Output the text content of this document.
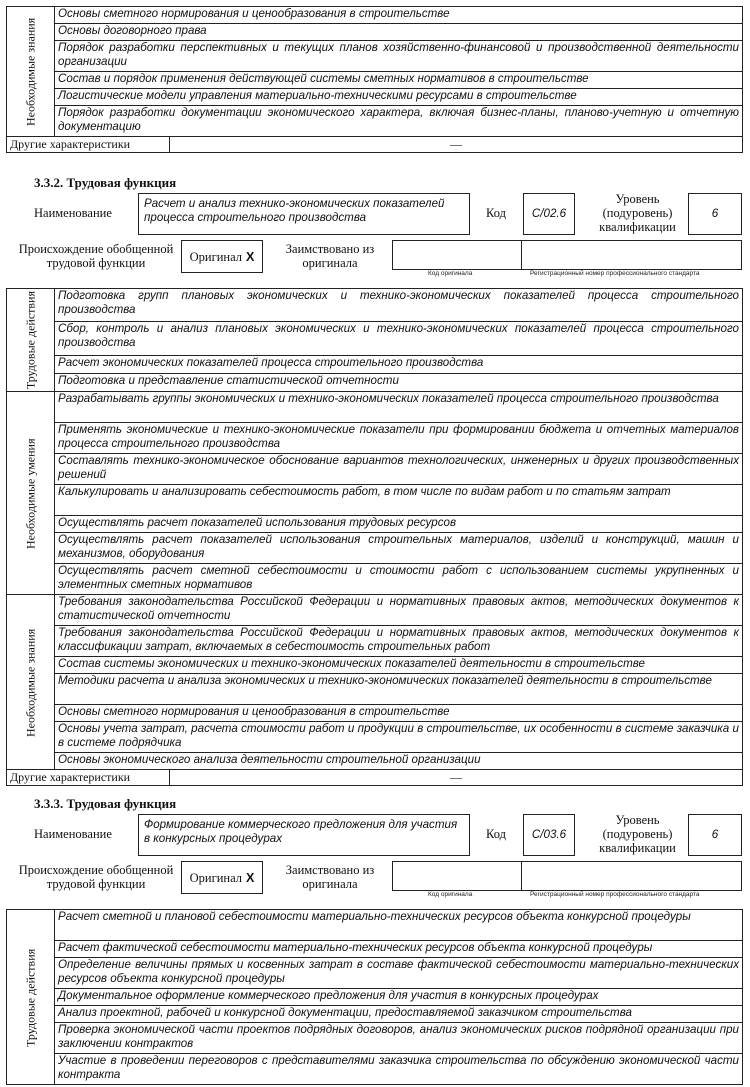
Необходимые знания	Основы сметного нормирования и ценообразования в строительстве	
	Основы договорного права	
	Порядок разработки перспективных и текущих планов хозяйственно-финансовой и производственной деятельности организации	
	Состав и порядок применения действующей системы сметных нормативов в строительстве	
	Логистические модели управления материально-техническими ресурсами в строительстве	
	Порядок разработки документации экономического характера, включая бизнес-планы, планово-учетную и отчетную документацию	
Другие характеристики		—
3.3.2. Трудовая функция
Наименование
Расчет и анализ технико-экономических показателей процесса строительного производства	Код	C/02.6
Уровень (подуровень) квалификации
6
Происхождение обобщенной трудовой функции	Оригинал X
Заимствовано из оригинала
Код оригинала	Регистрационный номер профессионального стандарта
Трудовые действия	Подготовка групп плановых экономических и технико-экономических показателей процесса строительного производства	
	Сбор, контроль и анализ плановых экономических и технико-экономических показателей процесса строительного производства	
	Расчет экономических показателей процесса строительного производства	
	Подготовка и представление статистической отчетности	
Необходимые умения	Разрабатывать группы экономических и технико-экономических показателей процесса строительного производства	
	Применять экономические и технико-экономические показатели при формировании бюджета и отчетных материалов процесса строительного производства	
	Составлять технико-экономическое обоснование вариантов технологических, инженерных и других производственных решений	
	Калькулировать и анализировать себестоимость работ, в том числе по видам работ и по статьям затрат	
	Осуществлять расчет показателей использования трудовых ресурсов	
	Осуществлять расчет показателей использования строительных материалов, изделий и конструкций, машин и механизмов, оборудования	
	Осуществлять расчет сметной себестоимости и стоимости работ с использованием системы укрупненных и элементных сметных нормативов	
Необходимые знания	Требования законодательства Российской Федерации и нормативных правовых актов, методических документов к статистической отчетности	
	Требования законодательства Российской Федерации и нормативных правовых актов, методических документов к классификации затрат, включаемых в себестоимость строительных работ	
	Состав системы экономических и технико-экономических показателей деятельности в строительстве	
	Методики расчета и анализа экономических и технико-экономических показателей деятельности в строительстве	
	Основы сметного нормирования и ценообразования в строительстве	
	Основы учета затрат, расчета стоимости работ и продукции в строительстве, их особенности в системе заказчика и в системе подрядчика	
	Основы экономического анализа деятельности строительной организации	
Другие характеристики		—
3.3.3. Трудовая функция
Наименование
Формирование коммерческого предложения для участия в конкурсных процедурах	Код	C/03.6
Уровень (подуровень) квалификации
6
Происхождение обобщенной трудовой функции	Оригинал X
Заимствовано из оригинала
Код оригинала	Регистрационный номер профессионального стандарта
Трудовые действия	Расчет сметной и плановой себестоимости материально-технических ресурсов объекта конкурсной процедуры
Расчет фактической себестоимости материально-технических ресурсов объекта конкурсной процедуры
Определение величины прямых и косвенных затрат в составе фактической себестоимости материально-технических ресурсов объекта конкурсной процедуры
Документальное оформление коммерческого предложения для участия в конкурсных процедурах
Анализ проектной, рабочей и конкурсной документации, предоставляемой заказчиком строительства
Проверка экономической части проектов подрядных договоров, анализ экономических рисков подрядной организации при заключении контрактов
Участие в проведении переговоров с представителями заказчика строительства по обсуждению экономической части контракта
